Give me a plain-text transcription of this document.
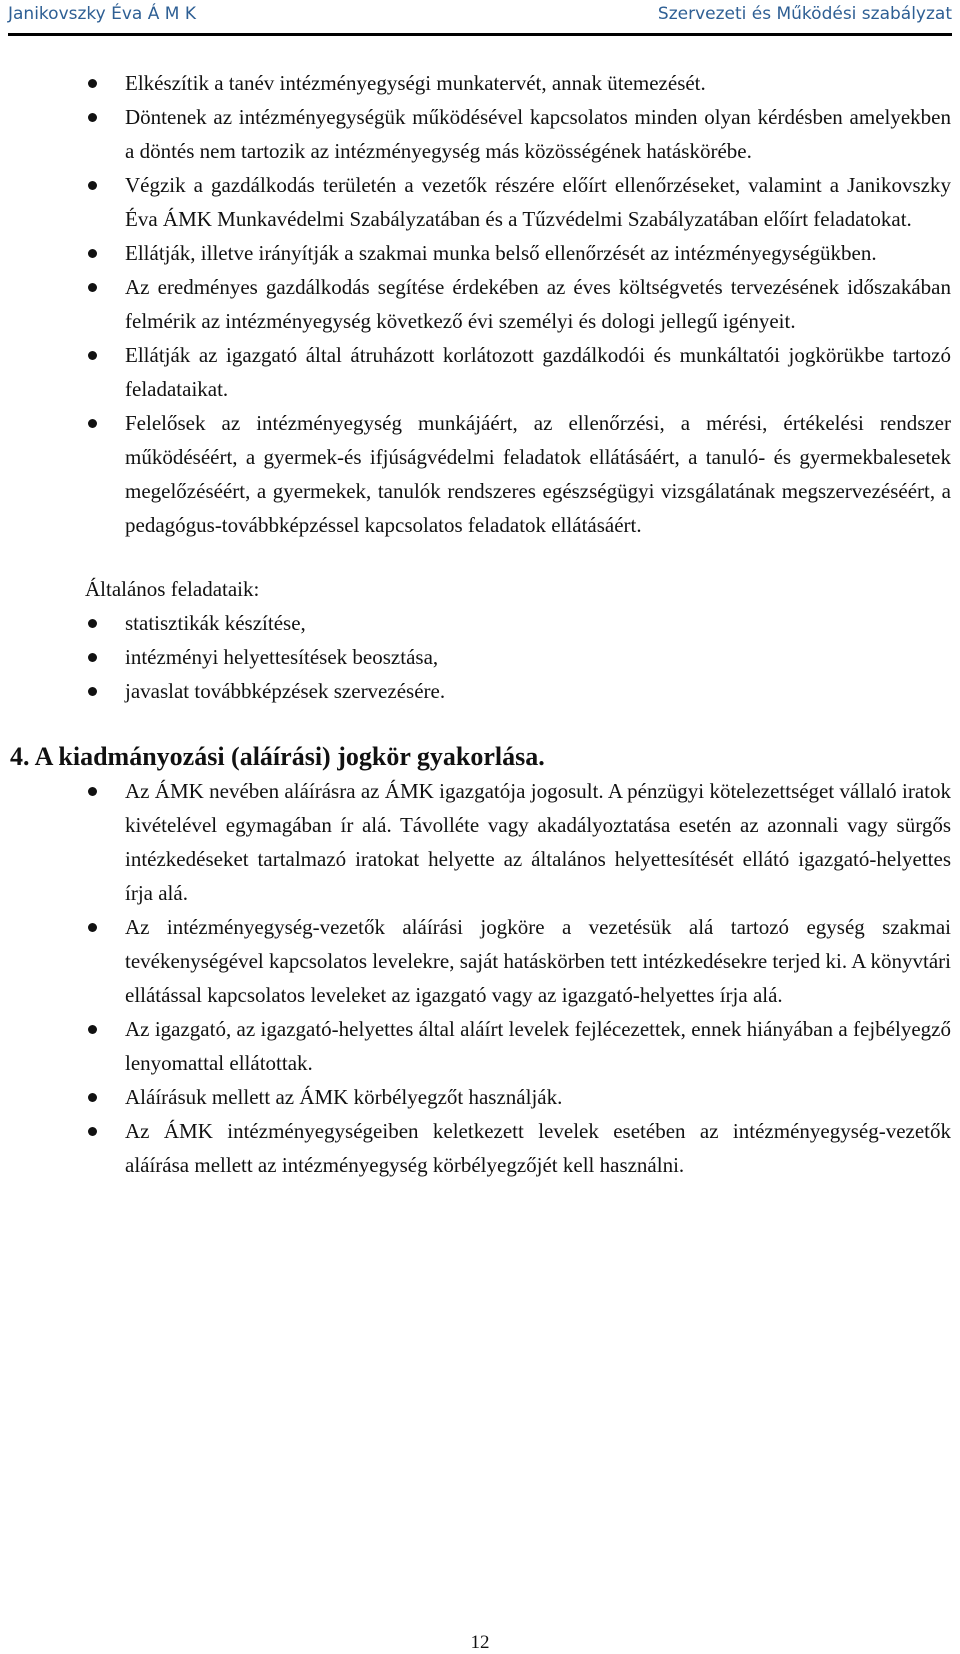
Janikovszky Éva Á M K	Szervezeti és Működési szabályzat
Elkészítik a tanév intézményegységi munkatervét, annak ütemezését.
Döntenek az intézményegységük működésével kapcsolatos minden olyan kérdésben amelyekben a döntés nem tartozik az intézményegység más közösségének hatáskörébe.
Végzik a gazdálkodás területén a vezetők részére előírt ellenőrzéseket, valamint a Janikovszky Éva ÁMK Munkavédelmi Szabályzatában és a Tűzvédelmi Szabályzatában előírt feladatokat.
Ellátják, illetve irányítják a szakmai munka belső ellenőrzését az intézményegységükben.
Az eredményes gazdálkodás segítése érdekében az éves költségvetés tervezésének időszakában felmérik az intézményegység következő évi személyi és dologi jellegű igényeit.
Ellátják az igazgató által átruházott korlátozott gazdálkodói és munkáltatói jogkörükbe tartozó feladataikat.
Felelősek az intézményegység munkájáért, az ellenőrzési, a mérési, értékelési rendszer működéséért, a gyermek-és ifjúságvédelmi feladatok ellátásáért, a tanuló- és gyermekbalesetek megelőzéséért, a gyermekek, tanulók rendszeres egészségügyi vizsgálatának megszervezéséért, a pedagógus-továbbképzéssel kapcsolatos feladatok ellátásáért.

Általános feladataik:

statisztikák készítése,
intézményi helyettesítések beosztása,
javaslat továbbképzések szervezésére.
4. A kiadmányozási (aláírási) jogkör gyakorlása.
Az ÁMK nevében aláírásra az ÁMK igazgatója jogosult. A pénzügyi kötelezettséget vállaló iratok kivételével egymagában ír alá. Távolléte vagy akadályoztatása esetén az azonnali vagy sürgős intézkedéseket tartalmazó iratokat helyette az általános helyettesítését ellátó igazgató-helyettes írja alá.
Az intézményegység-vezetők aláírási jogköre a vezetésük alá tartozó egység szakmai tevékenységével kapcsolatos levelekre, saját hatáskörben tett intézkedésekre terjed ki. A könyvtári ellátással kapcsolatos leveleket az igazgató vagy az igazgató-helyettes írja alá.
Az igazgató, az igazgató-helyettes által aláírt levelek fejlécezettek, ennek hiányában a fejbélyegző lenyomattal ellátottak.
Aláírásuk mellett az ÁMK körbélyegzőt használják.
Az ÁMK intézményegységeiben keletkezett levelek esetében az intézményegység-vezetők aláírása mellett az intézményegység körbélyegzőjét kell használni.
12
